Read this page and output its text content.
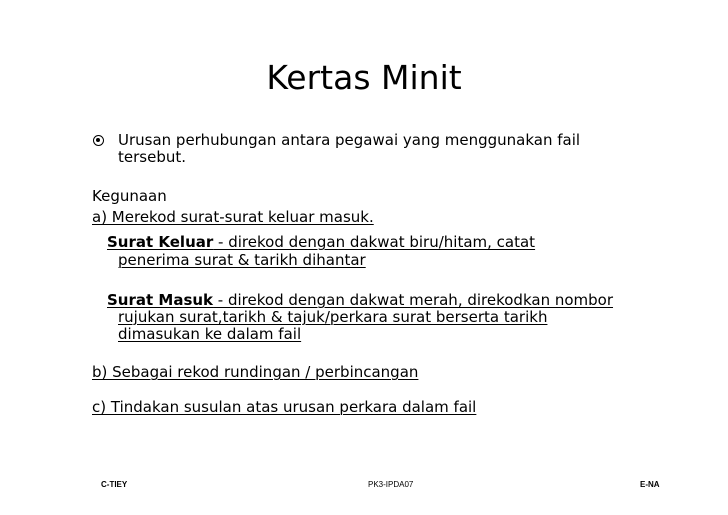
Kertas Minit
Urusan perhubungan antara pegawai yang menggunakan fail
tersebut.
Kegunaan
a) Merekod surat-surat keluar masuk.
Surat Keluar - direkod dengan dakwat biru/hitam, catat
penerima surat & tarikh dihantar
Surat Masuk - direkod dengan dakwat merah, direkodkan nombor
rujukan surat,tarikh & tajuk/perkara surat berserta tarikh
dimasukan ke dalam fail
b) Sebagai rekod rundingan / perbincangan
c) Tindakan susulan atas urusan perkara dalam fail
C-TIEY	PK3-IPDA07	E-NA
